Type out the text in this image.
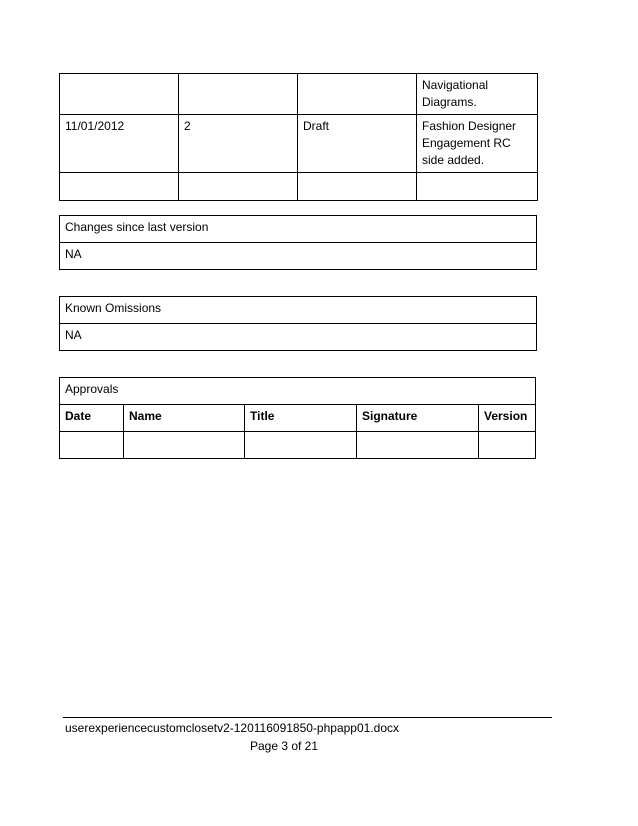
			Navigational Diagrams.
11/01/2012	2	Draft	Fashion Designer Engagement RC side added.

Changes since last version
NA
Known Omissions
NA
Approvals				
Date	Name	Title	Signature	Version

userexperiencecustomclosetv2-120116091850-phpapp01.docx
Page 3 of 21
